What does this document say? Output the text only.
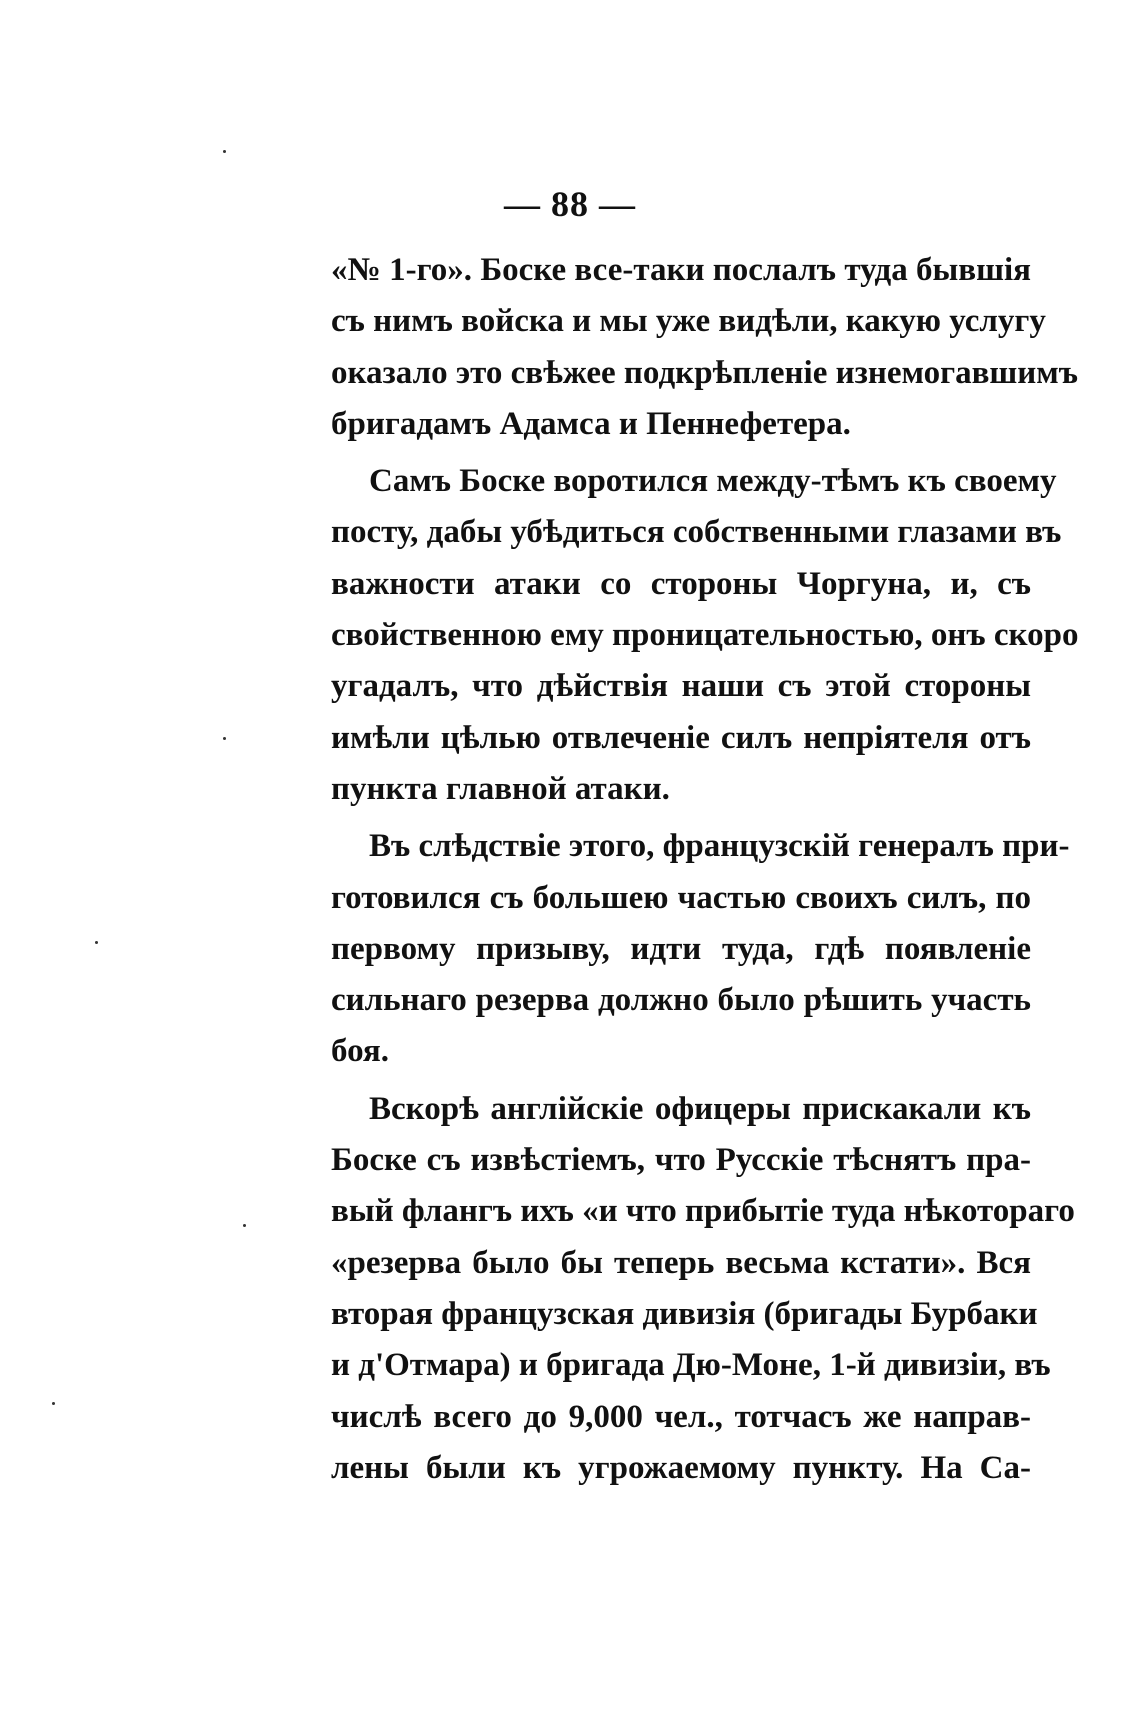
— 88 —
«№ 1-го». Боске все-таки послалъ туда бывшія
съ нимъ войска и мы уже видѣли, какую услугу
оказало это свѣжее подкрѣпленіе изнемогавшимъ
бригадамъ Адамса и Пеннефетера.
Самъ Боске воротился между-тѣмъ къ своему
посту, дабы убѣдиться собственными глазами въ
важности атаки со стороны Чоргуна, и, съ
свойственною ему проницательностью, онъ скоро
угадалъ, что дѣйствія наши съ этой стороны
имѣли цѣлью отвлеченіе силъ непріятеля отъ
пункта главной атаки.
Въ слѣдствіе этого, французскій генералъ при-
готовился съ большею частью своихъ силъ, по
первому призыву, идти туда, гдѣ появленіе
сильнаго резерва должно было рѣшить участь
боя.
Вскорѣ англійскіе офицеры прискакали къ
Боске съ извѣстіемъ, что Русскіе тѣснятъ пра-
вый флангъ ихъ «и что прибытіе туда нѣкотораго
«резерва было бы теперь весьма кстати». Вся
вторая французская дивизія (бригады Бурбаки
и д'Отмара) и бригада Дю-Моне, 1-й дивизіи, въ
числѣ всего до 9,000 чел., тотчасъ же направ-
лены были къ угрожаемому пункту. На Са-
